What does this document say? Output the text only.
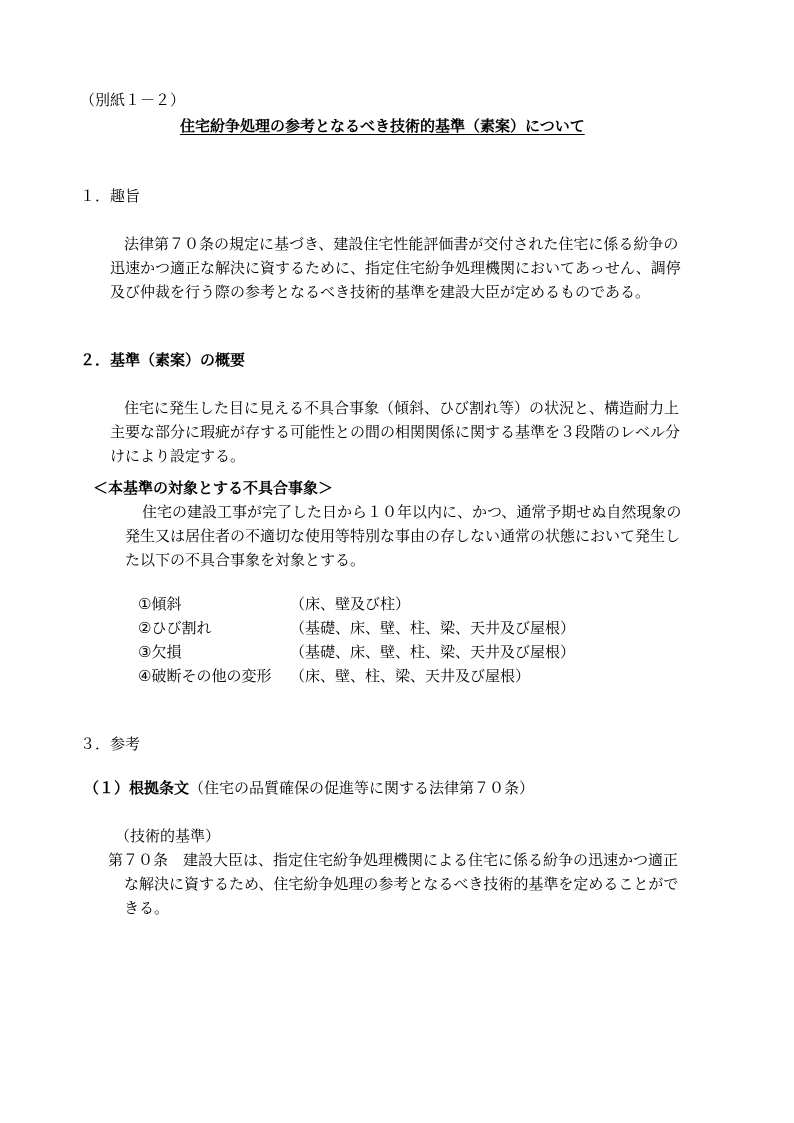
（別紙１－２）
住宅紛争処理の参考となるべき技術的基準（素案）について
１．趣旨
法律第７０条の規定に基づき、建設住宅性能評価書が交付された住宅に係る紛争の
迅速かつ適正な解決に資するために、指定住宅紛争処理機関においてあっせん、調停
及び仲裁を行う際の参考となるべき技術的基準を建設大臣が定めるものである。
２．基準（素案）の概要
住宅に発生した目に見える不具合事象（傾斜、ひび割れ等）の状況と、構造耐力上
主要な部分に瑕疵が存する可能性との間の相関関係に関する基準を３段階のレベル分
けにより設定する。
＜本基準の対象とする不具合事象＞
住宅の建設工事が完了した日から１０年以内に、かつ、通常予期せぬ自然現象の
発生又は居住者の不適切な使用等特別な事由の存しない通常の状態において発生し
た以下の不具合事象を対象とする。
①傾斜	（床、壁及び柱）
②ひび割れ	（基礎、床、壁、柱、梁、天井及び屋根）
③欠損	（基礎、床、壁、柱、梁、天井及び屋根）
④破断その他の変形	（床、壁、柱、梁、天井及び屋根）
３．参考
（１）根拠条文（住宅の品質確保の促進等に関する法律第７０条）
（技術的基準）
第７０条　建設大臣は、指定住宅紛争処理機関による住宅に係る紛争の迅速かつ適正
な解決に資するため、住宅紛争処理の参考となるべき技術的基準を定めることがで
きる。
